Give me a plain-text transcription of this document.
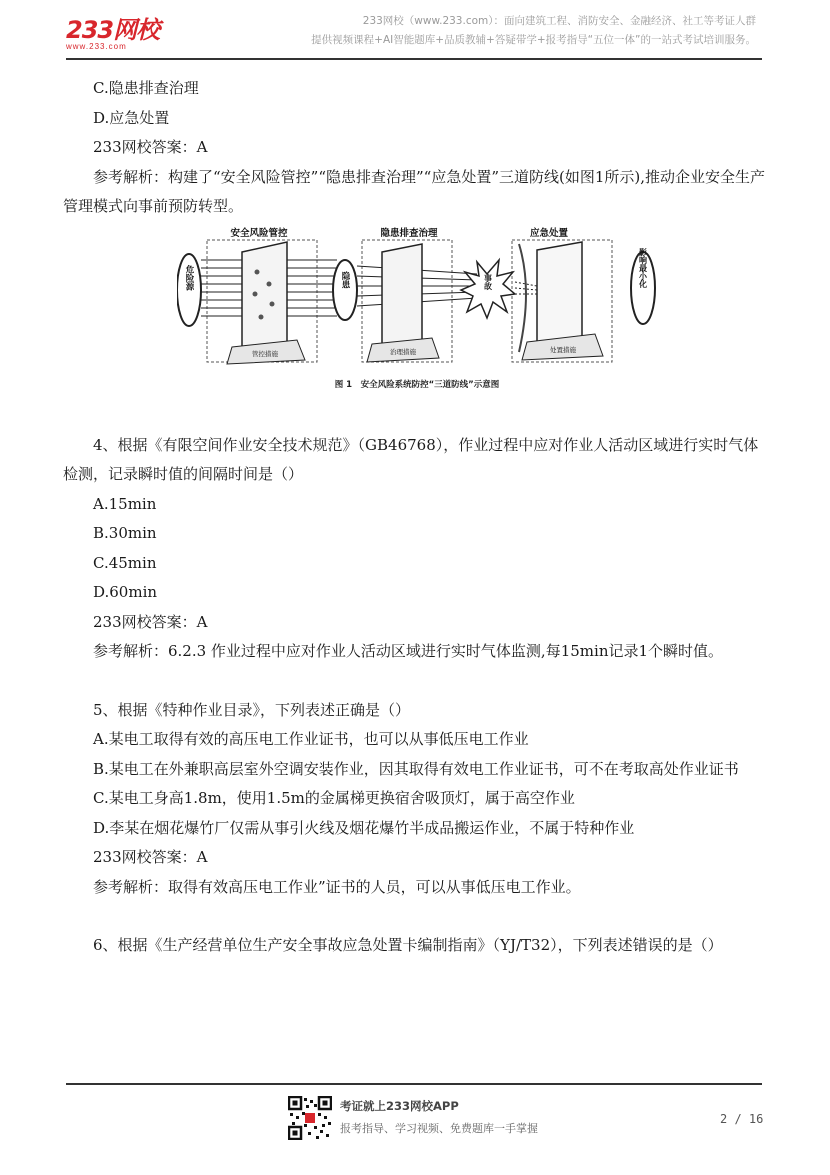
233网校
www.233.com
233网校（www.233.com）：面向建筑工程、消防安全、金融经济、社工等考证人群
提供视频课程+AI智能题库+品质教辅+答疑带学+报考指导“五位一体”的一站式考试培训服务。
C.隐患排查治理
D.应急处置
233网校答案：A
参考解析：构建了“安全风险管控”“隐患排查治理”“应急处置”三道防线(如图1所示),推动企业安全生产管理模式向事前预防转型。
安全风险管控	隐患排查治理	应急处置
危险源
管控措施
隐患
治理措施
事故
处置措施
影响最小化
图 1　安全风险系统防控“三道防线”示意图
4、根据《有限空间作业安全技术规范》（GB46768），作业过程中应对作业人活动区域进行实时气体检测，记录瞬时值的间隔时间是（）
A.15min
B.30min
C.45min
D.60min
233网校答案：A
参考解析：6.2.3 作业过程中应对作业人活动区域进行实时气体监测,每15min记录1个瞬时值。
5、根据《特种作业目录》，下列表述正确是（）
A.某电工取得有效的高压电工作业证书，也可以从事低压电工作业
B.某电工在外兼职高层室外空调安装作业，因其取得有效电工作业证书，可不在考取高处作业证书
C.某电工身高1.8m，使用1.5m的金属梯更换宿舍吸顶灯，属于高空作业
D.李某在烟花爆竹厂仅需从事引火线及烟花爆竹半成品搬运作业，不属于特种作业
233网校答案：A
参考解析：取得有效高压电工作业”证书的人员，可以从事低压电工作业。
6、根据《生产经营单位生产安全事故应急处置卡编制指南》（YJ/T32），下列表述错误的是（）
考证就上233网校APP
报考指导、学习视频、免费题库一手掌握
2 / 16
